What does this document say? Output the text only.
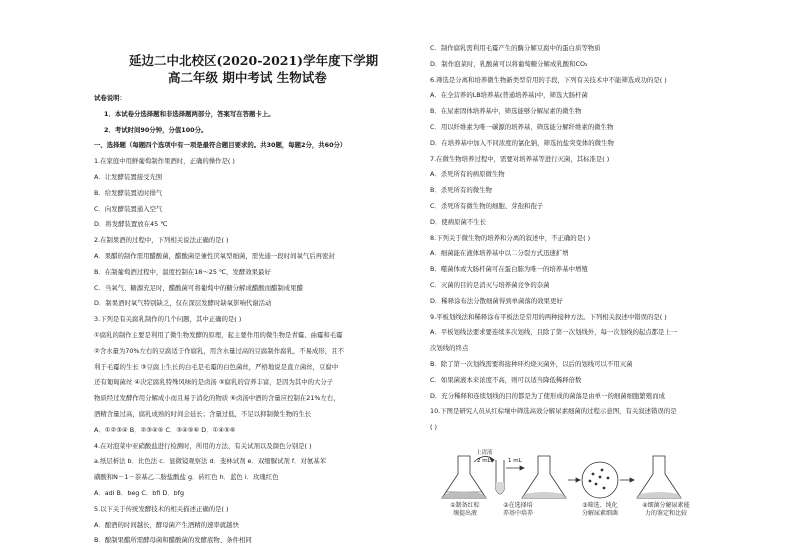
延边二中北校区(2020-2021)学年度下学期
高二年级 期中考试 生物试卷
试卷说明：
1．本试卷分选择题和非选择题两部分，答案写在答题卡上。
2．考试时间90分钟，分值100分。
一、选择题（每题四个选项中有一项是最符合题目要求的。共30题，每题2分，共60分）
1.在家庭中用鲜葡萄制作果酒时，正确的操作是( )
A．让发酵装置接受光照
B．给发酵装置适时排气
C．向发酵装置通入空气
D．将发酵装置放在45 ℃
2.在制果酒的过程中，下列相关说法正确的是( )
A．果醋的制作需用醋酸菌，醋酸菌是兼性厌氧型细菌，需先通一段时间氧气后再密封
B．在制葡萄酒过程中，温度控制在18～25 ℃，发酵效果最好
C．当氧气、糖源充足时，醋酸菌可将葡萄中的糖分解成醋酸而醋制成果醋
D．制果酒时氧气特别缺乏，仅在深层发酵时缺氧影响代谢活动
3.下列是有关腐乳制作的几个问题，其中正确的是( )
①腐乳的制作主要是利用了微生物发酵的原理，起主要作用的微生物是青霉、曲霉和毛霉
②含水量为70%左右的豆腐适于作腐乳，用含水量过高的豆腐制作腐乳，不易成形，且不
利于毛霉的生长 ③豆腐上生长的白毛是毛霉的白色菌丝，严格地说是直立菌丝，豆腐中
还有匍匐菌丝 ④决定腐乳特殊风味的是卤汤 ⑤腐乳的营养丰富，是因为其中的大分子
物质经过发酵作用分解成小而且易于消化的物质 ⑥卤汤中酒的含量应控制在21%左右，
酒精含量过高，腐乳成熟的时间会延长；含量过低，不足以抑制微生物的生长
A．①②③④ B．②③④⑤ C．③④⑤⑥ D．①④⑤⑥
4.在对泡菜中亚硝酸盐进行检测时，所用的方法、有关试剂以及颜色分别是( )
a.纸层析法 b．比色法 c．显微镜观察法 d．斐林试剂 e．双缩脲试剂 f．对氨基苯
磺酸和N－1－萘基乙二胺盐酸盐 g．砖红色 h．蓝色 i．玫瑰红色
A．adi B．beg C．bfi D．bfg
5.以下关于传统发酵技术的相关描述正确的是( )
A．酿酒的时间越长，酵母菌产生酒精的速率就越快
B．酿制果醋所需酵母菌和醋酸菌的发酵底物、条件相同
C．制作腐乳需利用毛霉产生的酶分解豆腐中的蛋白质等物质
D．制作泡菜时，乳酸菌可以将葡萄糖分解成乳酸和CO₂
6.筛选是分离和培养微生物新类型常用的手段，下列有关技术中不能筛选成功的是( )
A．在全营养的LB培养基(普通培养基)中，筛选大肠杆菌
B．在尿素固体培养基中，筛选能够分解尿素的微生物
C．用以纤维素为唯一碳源的培养基，筛选能分解纤维素的微生物
D．在培养基中加入不同浓度的氯化钠，筛选抗盐突变体的微生物
7.在微生物培养过程中，需要对培养基等进行灭菌，其标准是( )
A．杀死所有的病原微生物
B．杀死所有的微生物
C．杀死所有微生物的细胞、芽孢和孢子
D．使病原菌不生长
8.下列关于微生物的培养和分离的叙述中，不正确的是( )
A．细菌能在液体培养基中以二分裂方式迅速扩增
B．噬菌体或大肠杆菌可在蛋白胨为唯一的培养基中增殖
C．灭菌的目的是消灭与培养菌竞争的杂菌
D．稀释涂布法分散细菌得到单菌落的效果更好
9.平板划线法和稀释涂布平板法是常用的两种接种方法。下列相关叙述中错误的是( )
A．平板划线法要求要连续多次划线，且除了第一次划线外，每一次划线的起点都是上一
次划线的终点
B．除了第一次划线需要将接种环灼烧灭菌外，以后的划线可以不用灭菌
C．如果菌液本来浓度不高，则可以适当降低稀释倍数
D．充分稀释和连续划线的目的都是为了使形成的菌落是由单一的细菌细胞繁殖而成
10.下图是研究人员从红棕壤中筛选高效分解尿素细菌的过程示意图，有关叙述错误的是
( )
上清液
2 mL	1 mL
①制备红棕
壤提出液
②在选择培
养基中培养
③筛选、纯化
分解尿素细菌
④细菌分解尿素能
力的鉴定和比较
